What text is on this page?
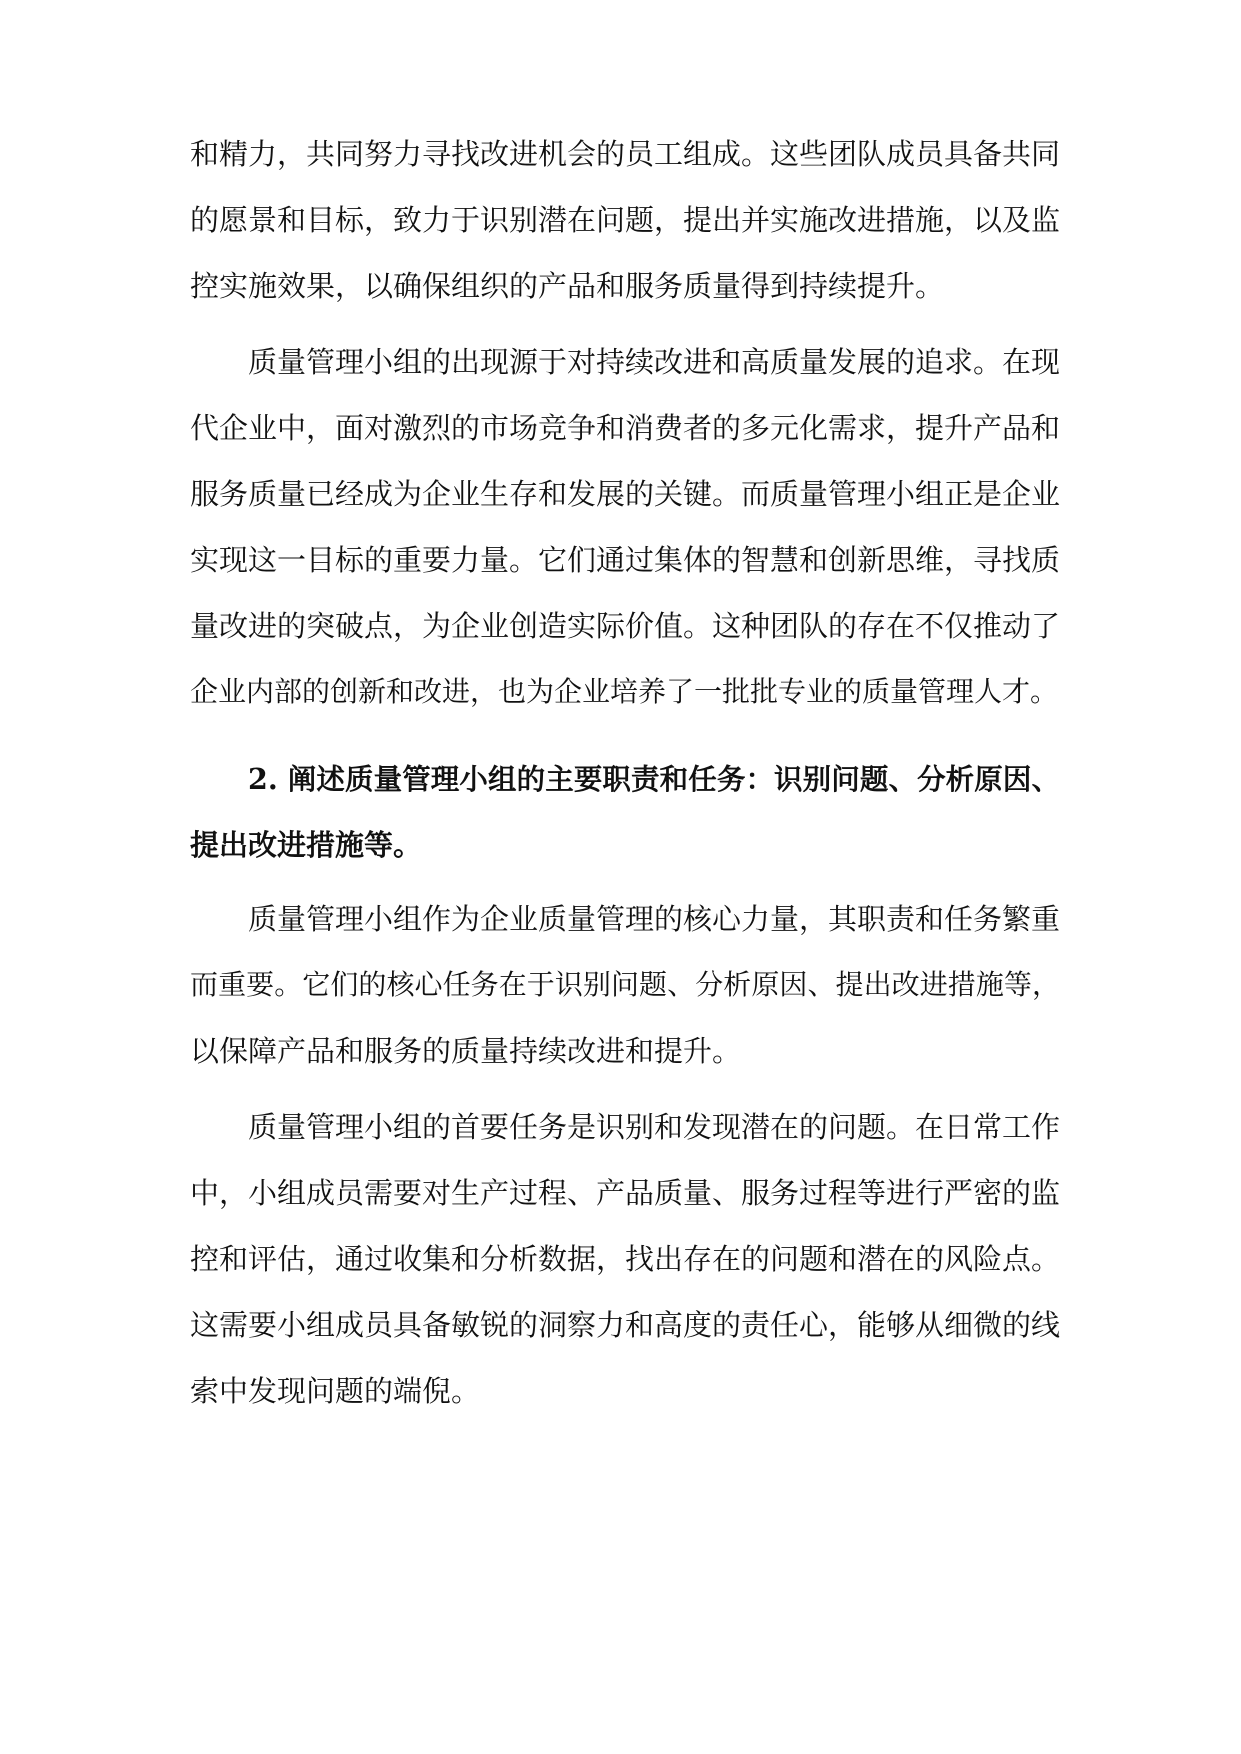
和精力，共同努力寻找改进机会的员工组成。这些团队成员具备共同
的愿景和目标，致力于识别潜在问题，提出并实施改进措施，以及监
控实施效果，以确保组织的产品和服务质量得到持续提升。
质量管理小组的出现源于对持续改进和高质量发展的追求。在现
代企业中，面对激烈的市场竞争和消费者的多元化需求，提升产品和
服务质量已经成为企业生存和发展的关键。而质量管理小组正是企业
实现这一目标的重要力量。它们通过集体的智慧和创新思维，寻找质
量改进的突破点，为企业创造实际价值。这种团队的存在不仅推动了
企业内部的创新和改进，也为企业培养了一批批专业的质量管理人才。
2. 阐述质量管理小组的主要职责和任务：识别问题、分析原因、
提出改进措施等。
质量管理小组作为企业质量管理的核心力量，其职责和任务繁重
而重要。它们的核心任务在于识别问题、分析原因、提出改进措施等，
以保障产品和服务的质量持续改进和提升。
质量管理小组的首要任务是识别和发现潜在的问题。在日常工作
中，小组成员需要对生产过程、产品质量、服务过程等进行严密的监
控和评估，通过收集和分析数据，找出存在的问题和潜在的风险点。
这需要小组成员具备敏锐的洞察力和高度的责任心，能够从细微的线
索中发现问题的端倪。
